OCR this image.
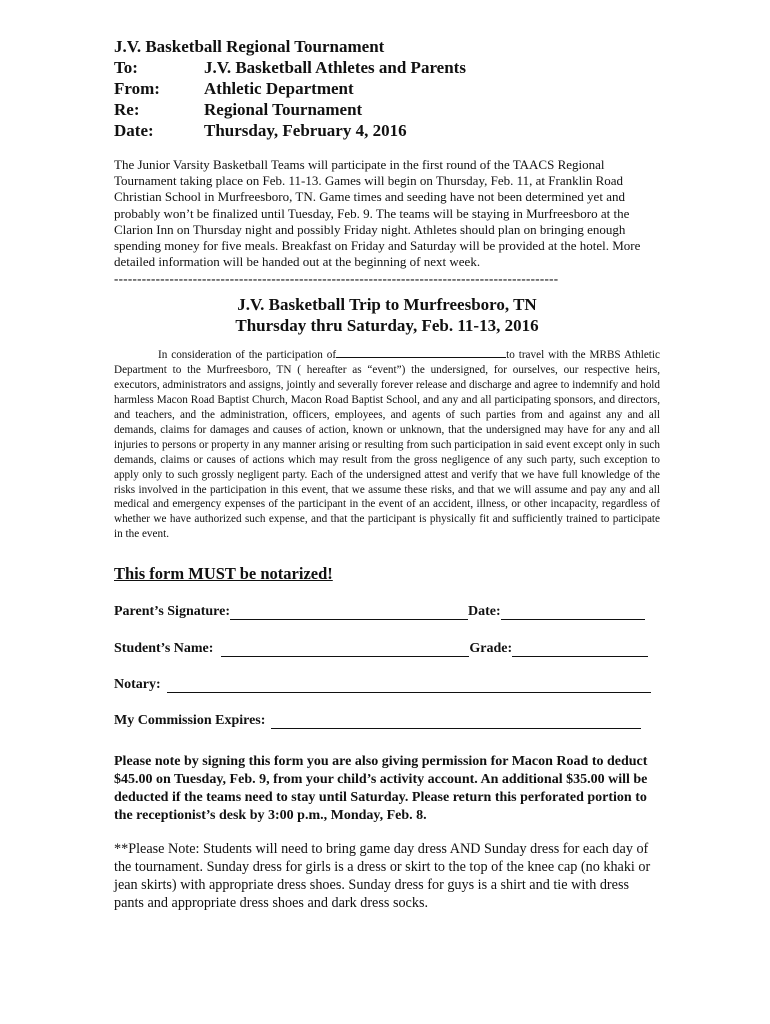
J.V. Basketball Regional Tournament
To:	J.V. Basketball Athletes and Parents
From:	Athletic Department
Re:	Regional Tournament
Date:	Thursday, February 4, 2016

The Junior Varsity Basketball Teams will participate in the first round of the TAACS Regional Tournament taking place on Feb. 11-13. Games will begin on Thursday, Feb. 11, at Franklin Road Christian School in Murfreesboro, TN. Game times and seeding have not been determined yet and probably won’t be finalized until Tuesday, Feb. 9. The teams will be staying in Murfreesboro at the Clarion Inn on Thursday night and possibly Friday night. Athletes should plan on bringing enough spending money for five meals. Breakfast on Friday and Saturday will be provided at the hotel. More detailed information will be handed out at the beginning of next week.

------------------------------------------------------------------------------------------------
J.V. Basketball Trip to Murfreesboro, TN
Thursday thru Saturday, Feb. 11-13, 2016

In consideration of the participation of	to travel with the MRBS Athletic Department to the Murfreesboro, TN ( hereafter as “event”) the undersigned, for ourselves, our respective heirs, executors, administrators and assigns, jointly and severally forever release and discharge and agree to indemnify and hold harmless Macon Road Baptist Church, Macon Road Baptist School, and any and all participating sponsors, and directors, and teachers, and the administration, officers, employees, and agents of such parties from and against any and all demands, claims for damages and causes of action, known or unknown, that the undersigned may have for any and all injuries to persons or property in any manner arising or resulting from such participation in said event except only in such demands, claims or causes of actions which may result from the gross negligence of any such party, such exception to apply only to such grossly negligent party. Each of the undersigned attest and verify that we have full knowledge of the risks involved in the participation in this event, that we assume these risks, and that we will assume and pay any and all medical and emergency expenses of the participant in the event of an accident, illness, or other incapacity, regardless of whether we have authorized such expense, and that the participant is physically fit and sufficiently trained to participate in the event.

This form MUST be notarized!
Parent’s Signature:	Date:
Student’s Name:	Grade:
Notary:
My Commission Expires:

Please note by signing this form you are also giving permission for Macon Road to deduct $45.00 on Tuesday, Feb. 9, from your child’s activity account. An additional $35.00 will be deducted if the teams need to stay until Saturday. Please return this perforated portion to the receptionist’s desk by 3:00 p.m., Monday, Feb. 8.

**Please Note: Students will need to bring game day dress AND Sunday dress for each day of the tournament. Sunday dress for girls is a dress or skirt to the top of the knee cap (no khaki or jean skirts) with appropriate dress shoes. Sunday dress for guys is a shirt and tie with dress pants and appropriate dress shoes and dark dress socks.
